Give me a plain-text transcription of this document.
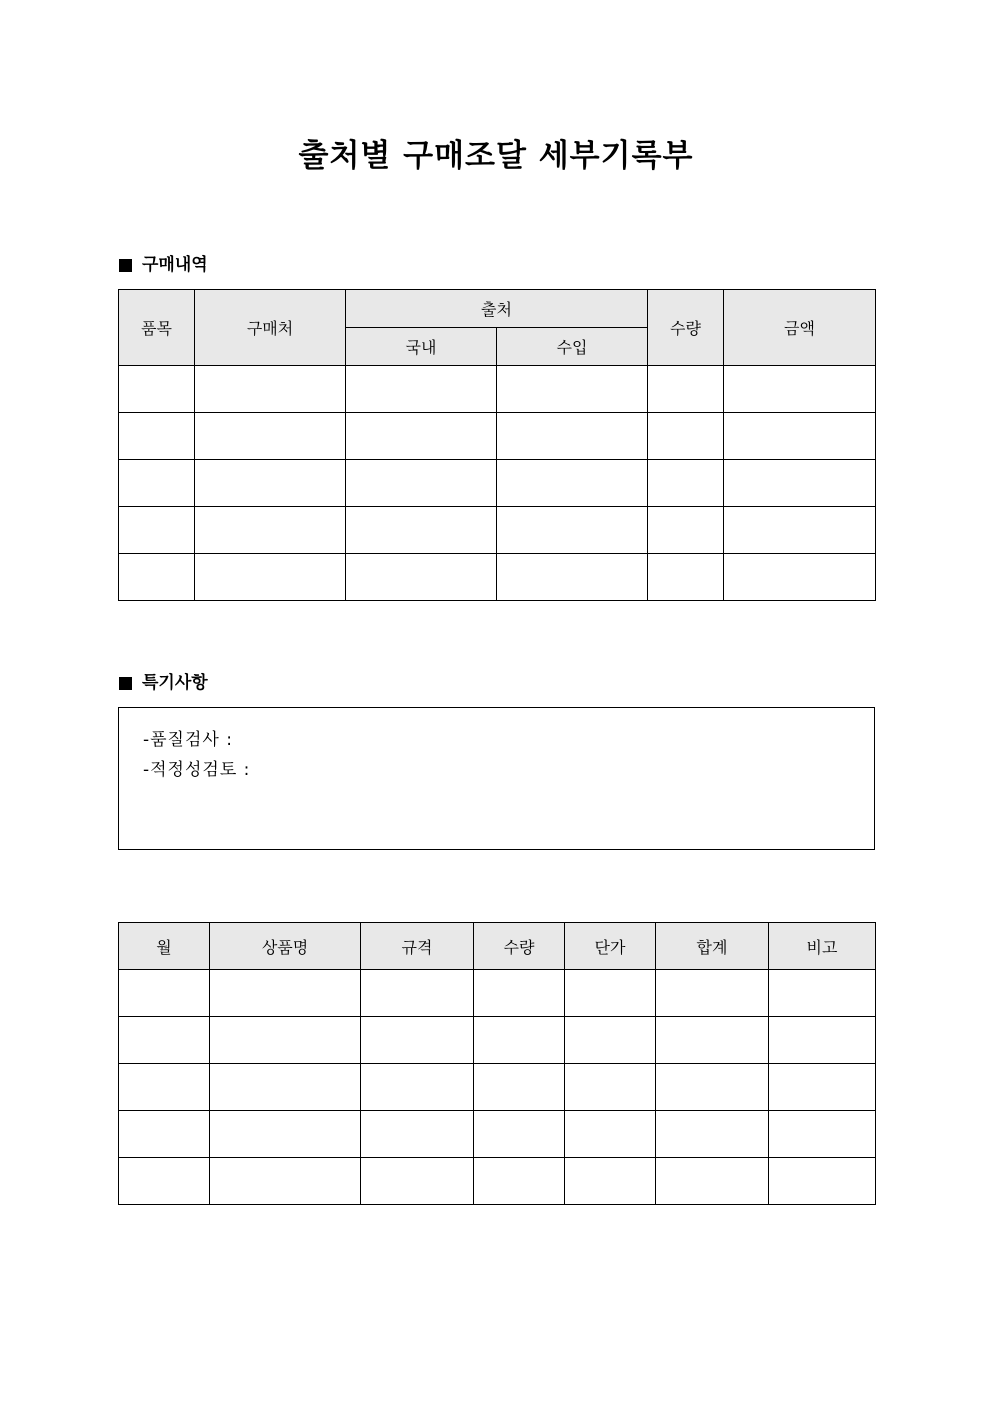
출처별 구매조달 세부기록부
구매내역
품목	구매처	출처		수량	금액
		국내	수입		

특기사항
-품질검사 :
-적정성검토 :
월	상품명	규격	수량	단가	합계	비고
